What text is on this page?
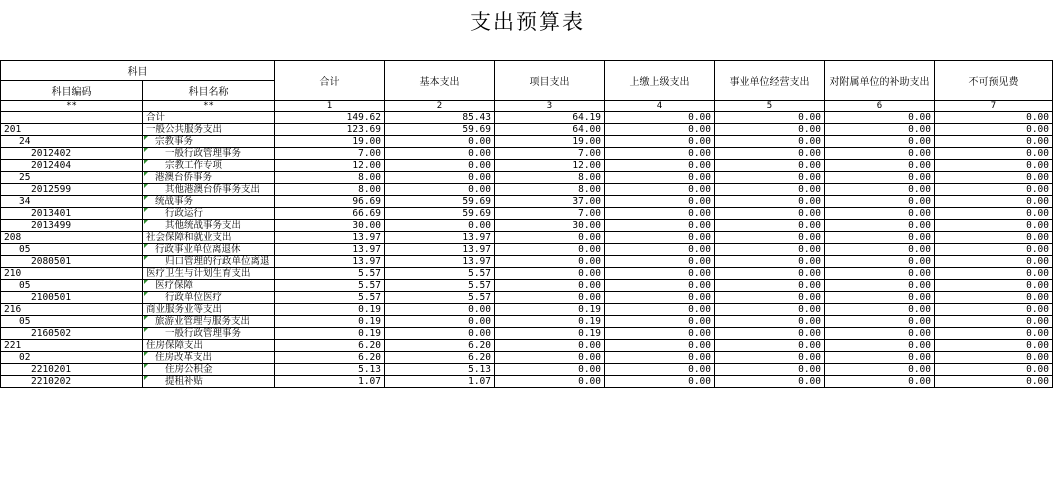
支出预算表
科目		合计	基本支出	项目支出	上缴上级支出	事业单位经营支出	对附属单位的补助支出	不可预见费
科目编码	科目名称							
**	**	1	2	3	4	5	6	7
	合计	149.62	85.43	64.19	0.00	0.00	0.00	0.00
201	一般公共服务支出	123.69	59.69	64.00	0.00	0.00	0.00	0.00
24	宗教事务	19.00	0.00	19.00	0.00	0.00	0.00	0.00
2012402	一般行政管理事务	7.00	0.00	7.00	0.00	0.00	0.00	0.00
2012404	宗教工作专项	12.00	0.00	12.00	0.00	0.00	0.00	0.00
25	港澳台侨事务	8.00	0.00	8.00	0.00	0.00	0.00	0.00
2012599	其他港澳台侨事务支出	8.00	0.00	8.00	0.00	0.00	0.00	0.00
34	统战事务	96.69	59.69	37.00	0.00	0.00	0.00	0.00
2013401	行政运行	66.69	59.69	7.00	0.00	0.00	0.00	0.00
2013499	其他统战事务支出	30.00	0.00	30.00	0.00	0.00	0.00	0.00
208	社会保障和就业支出	13.97	13.97	0.00	0.00	0.00	0.00	0.00
05	行政事业单位离退休	13.97	13.97	0.00	0.00	0.00	0.00	0.00
2080501	归口管理的行政单位离退	13.97	13.97	0.00	0.00	0.00	0.00	0.00
210	医疗卫生与计划生育支出	5.57	5.57	0.00	0.00	0.00	0.00	0.00
05	医疗保障	5.57	5.57	0.00	0.00	0.00	0.00	0.00
2100501	行政单位医疗	5.57	5.57	0.00	0.00	0.00	0.00	0.00
216	商业服务业等支出	0.19	0.00	0.19	0.00	0.00	0.00	0.00
05	旅游业管理与服务支出	0.19	0.00	0.19	0.00	0.00	0.00	0.00
2160502	一般行政管理事务	0.19	0.00	0.19	0.00	0.00	0.00	0.00
221	住房保障支出	6.20	6.20	0.00	0.00	0.00	0.00	0.00
02	住房改革支出	6.20	6.20	0.00	0.00	0.00	0.00	0.00
2210201	住房公积金	5.13	5.13	0.00	0.00	0.00	0.00	0.00
2210202	提租补贴	1.07	1.07	0.00	0.00	0.00	0.00	0.00
